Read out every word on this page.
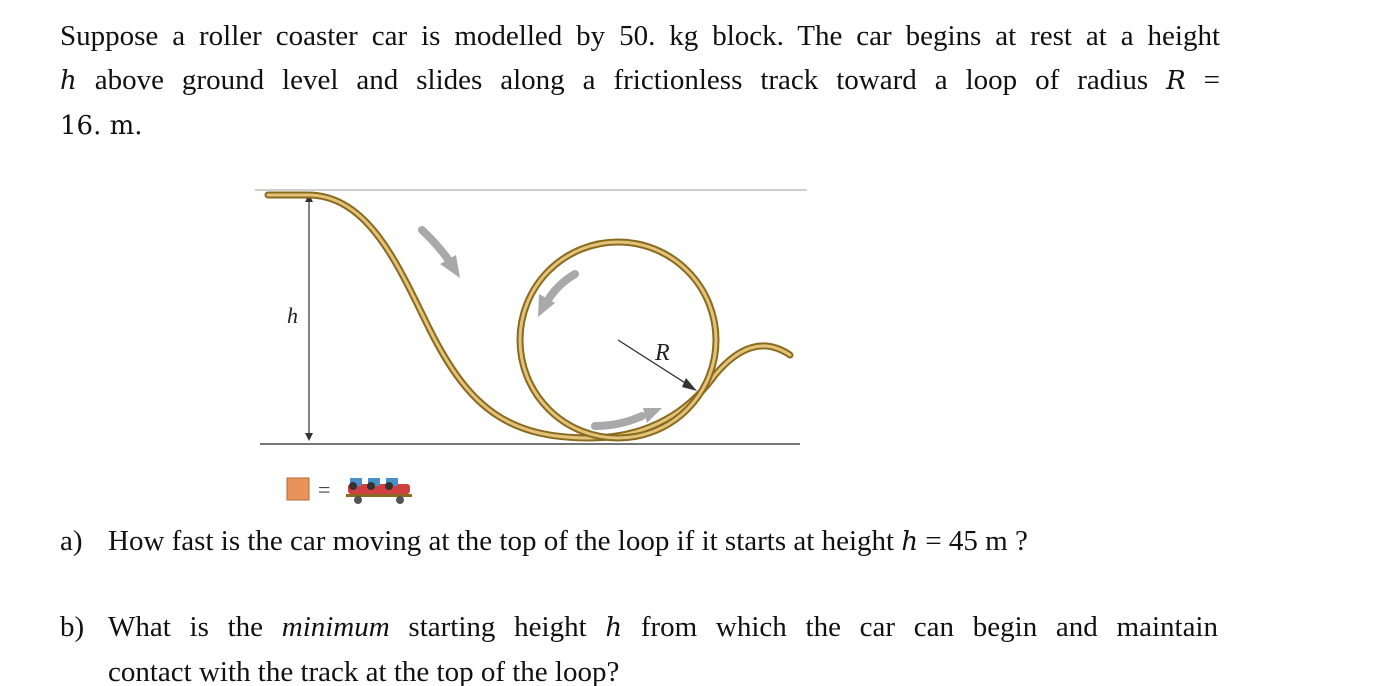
Suppose a roller coaster car is modelled by 50. kg block. The car begins at rest at a height
h above ground level and slides along a frictionless track toward a loop of radius R =
16. m.
h
R
=
a) How fast is the car moving at the top of the loop if it starts at height h = 45 m ?
b) What is the minimum starting height h from which the car can begin and maintain
contact with the track at the top of the loop?
